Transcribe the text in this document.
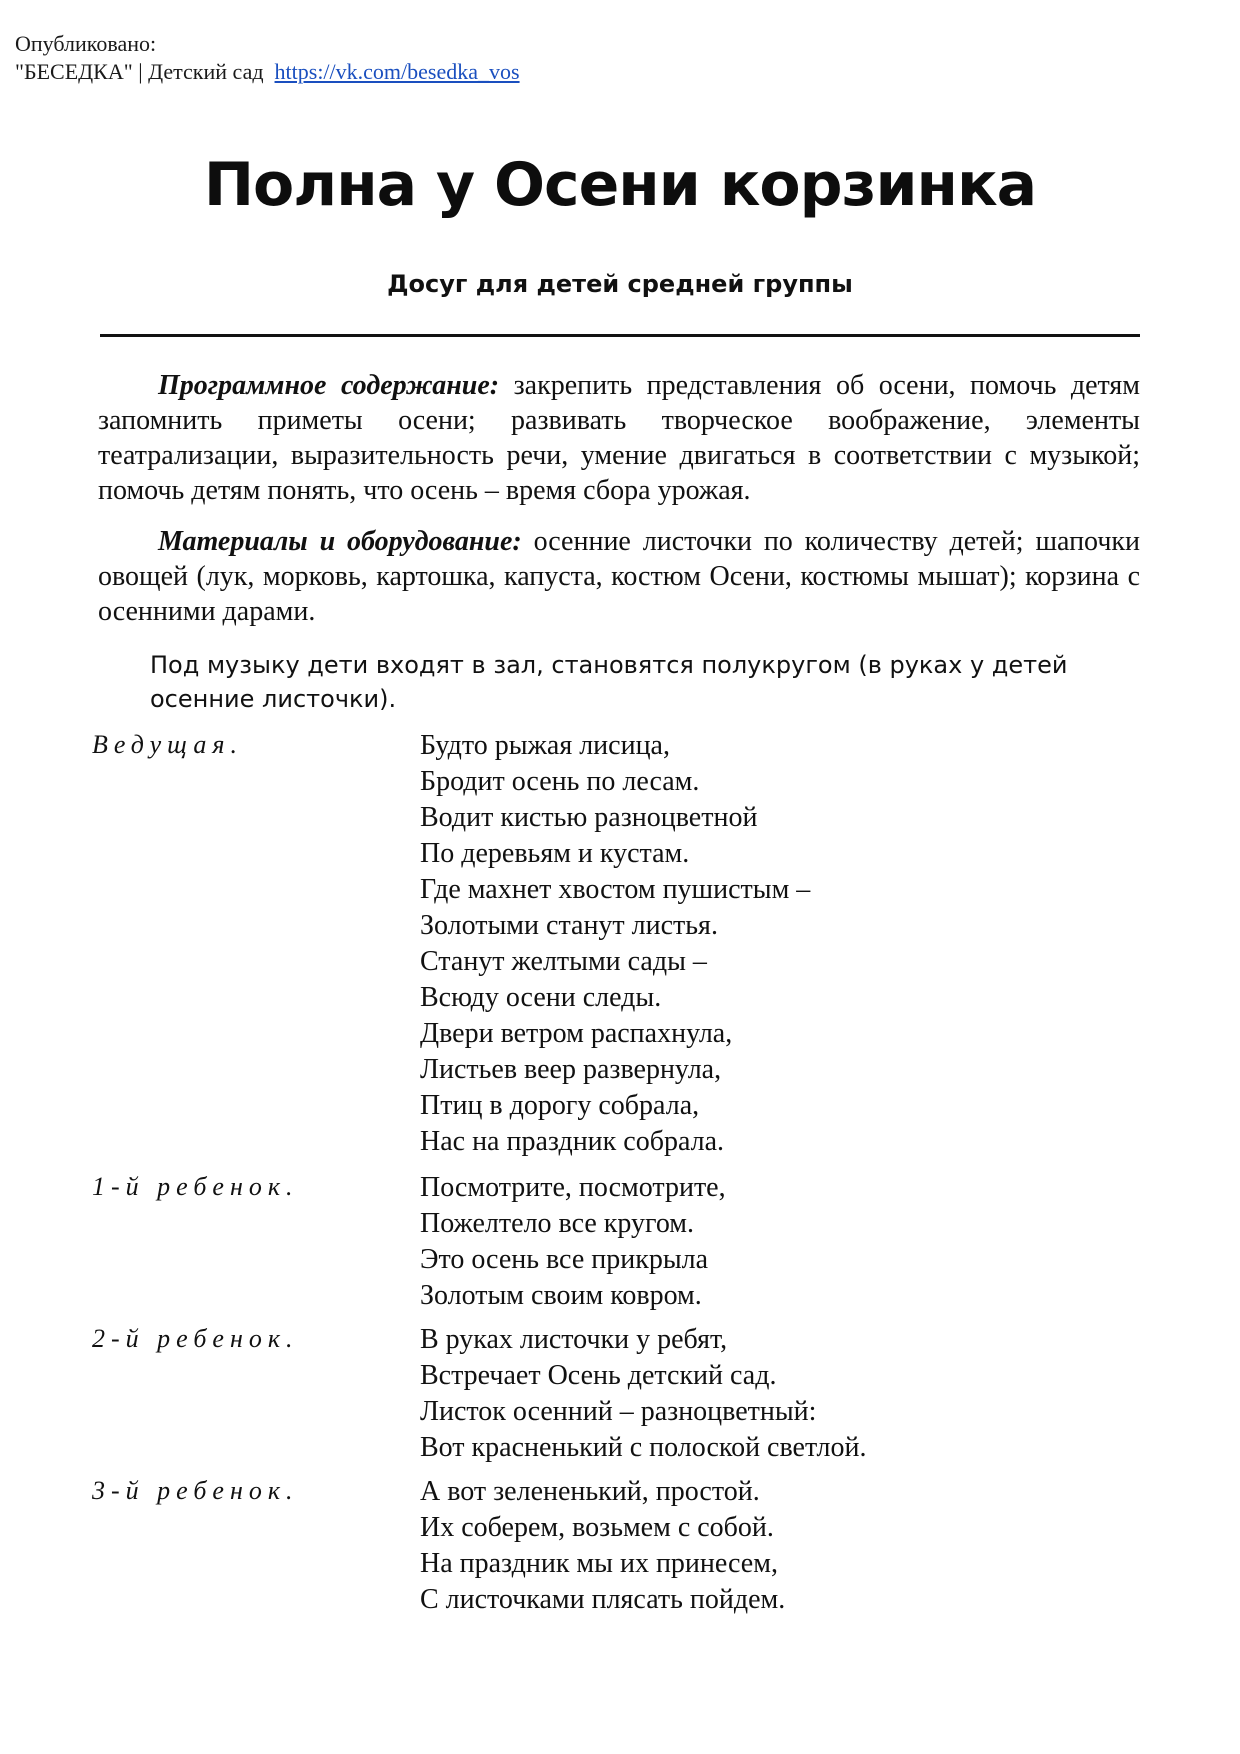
Опубликовано:
"БЕСЕДКА" | Детский сад https://vk.com/besedka_vos
Полна у Осени корзинка
Досуг для детей средней группы
Программное содержание: закрепить представления об осени, помочь детям запомнить приметы осени; развивать творческое воображение, элементы театрализации, выразительность речи, умение двигаться в соответствии с музыкой; помочь детям понять, что осень – время сбора урожая.
Материалы и оборудование: осенние листочки по количеству детей; шапочки овощей (лук, морковь, картошка, капуста, костюм Осени, костюмы мышат); корзина с осенними дарами.
Под музыку дети входят в зал, становятся полукругом (в руках у детей осенние листочки).
Ведущая.	Будто рыжая лисица,
Бродит осень по лесам.
Водит кистью разноцветной
По деревьям и кустам.
Где махнет хвостом пушистым –
Золотыми станут листья.
Станут желтыми сады –
Всюду осени следы.
Двери ветром распахнула,
Листьев веер развернула,
Птиц в дорогу собрала,
Нас на праздник собрала.
1-й ребенок.	Посмотрите, посмотрите,
Пожелтело все кругом.
Это осень все прикрыла
Золотым своим ковром.
2-й ребенок.	В руках листочки у ребят,
Встречает Осень детский сад.
Листок осенний – разноцветный:
Вот красненький с полоской светлой.
3-й ребенок.	А вот зелененький, простой.
Их соберем, возьмем с собой.
На праздник мы их принесем,
С листочками плясать пойдем.
